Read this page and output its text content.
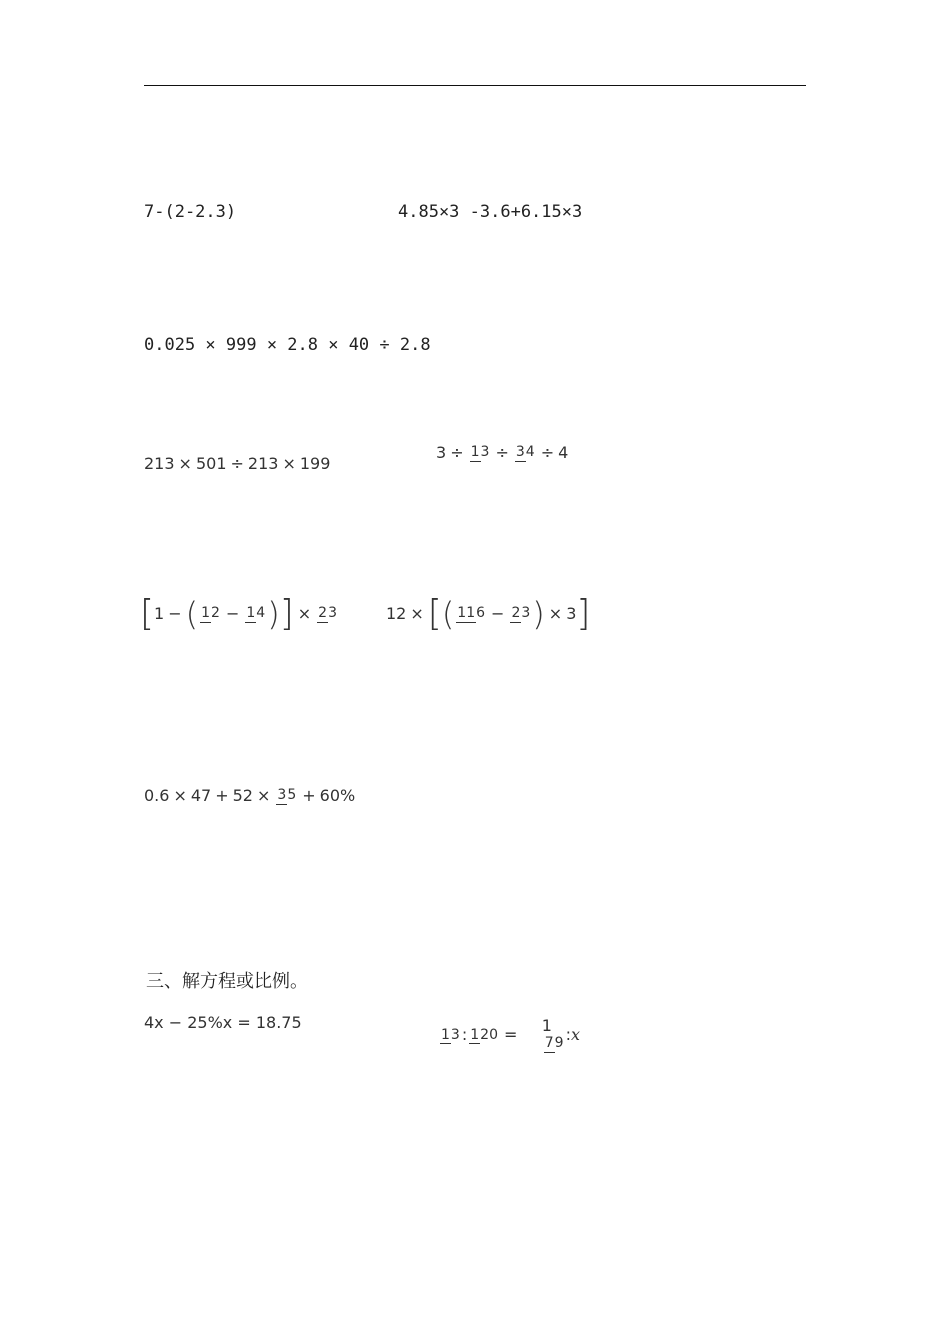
7-(2-2.3)	4.85×3 -3.6+6.15×3
0.025 × 999 × 2.8 × 40 ÷ 2.8
213 × 501 ÷ 213 × 199
3 ÷ 13 ÷ 34 ÷ 4
[ 1 − ( 12 − 14 ) ] × 23	12 × [ ( 116 − 23 ) × 3 ]
0.6 × 47 + 52 × 35 + 60%
三、解方程或比例。
4x − 25%x = 18.75
13 : 120 =	1
79
: x
